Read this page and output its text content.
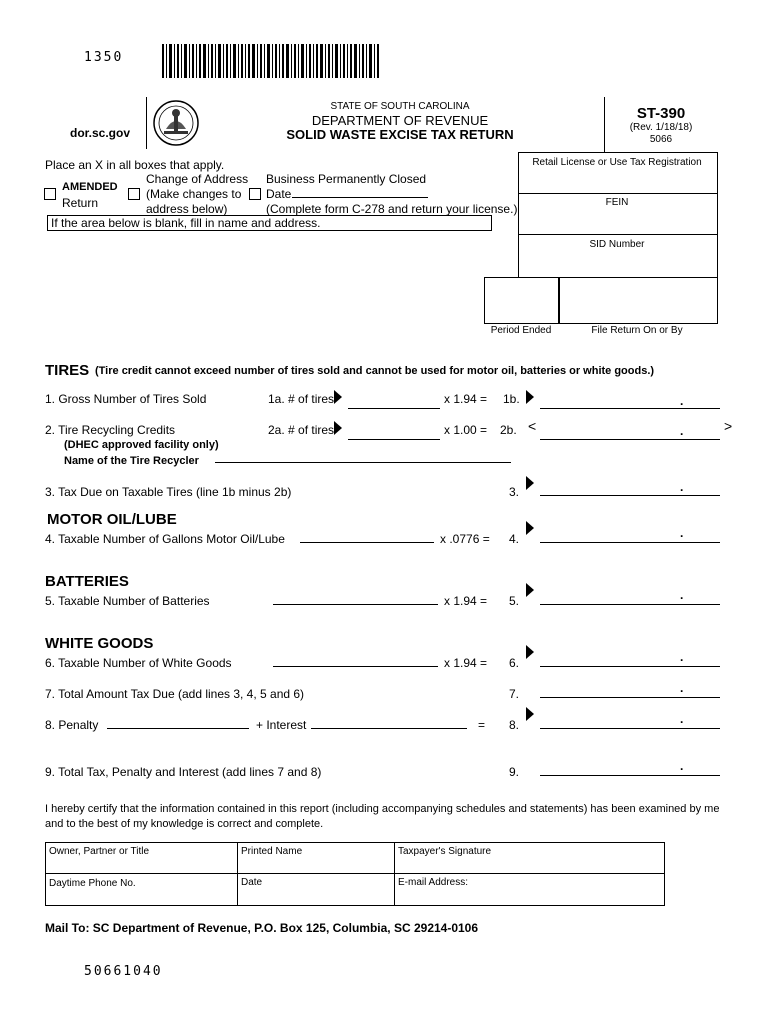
1350
dor.sc.gov
STATE OF SOUTH CAROLINA
DEPARTMENT OF REVENUE
SOLID WASTE EXCISE TAX RETURN
ST-390
(Rev. 1/18/18)
5066
Place an X in all boxes that apply.
AMENDED
Return
Change of Address
(Make changes to
address below)
Business Permanently Closed
Date
(Complete form C-278 and return your license.)
If the area below is blank, fill in name and address.
Retail License or Use Tax Registration
FEIN
SID Number
Period Ended	File Return On or By
TIRES (Tire credit cannot exceed number of tires sold and cannot be used for motor oil, batteries or white goods.)
1. Gross Number of Tires Sold	1a. # of tires	x 1.94 = 1b.	.
2. Tire Recycling Credits
(DHEC approved facility only)
Name of the Tire Recycler
2a. # of tires	x 1.00 = 2b. <	.	>
3. Tax Due on Taxable Tires (line 1b minus 2b)	3.	.
MOTOR OIL/LUBE
4. Taxable Number of Gallons Motor Oil/Lube	x .0776 = 4.	.
BATTERIES
5. Taxable Number of Batteries	x 1.94 = 5.	.
WHITE GOODS
6. Taxable Number of White Goods	x 1.94 = 6.	.
7. Total Amount Tax Due (add lines 3, 4, 5 and 6)	7.	.
8. Penalty	+ Interest	= 8.	.
9. Total Tax, Penalty and Interest (add lines 7 and 8)	9.	.
I hereby certify that the information contained in this report (including accompanying schedules and statements) has been examined by me and to the best of my knowledge is correct and complete.
Owner, Partner or Title	Printed Name	Taxpayer's Signature
Daytime Phone No.	Date	E-mail Address:
Mail To: SC Department of Revenue, P.O. Box 125, Columbia, SC 29214-0106
50661040
